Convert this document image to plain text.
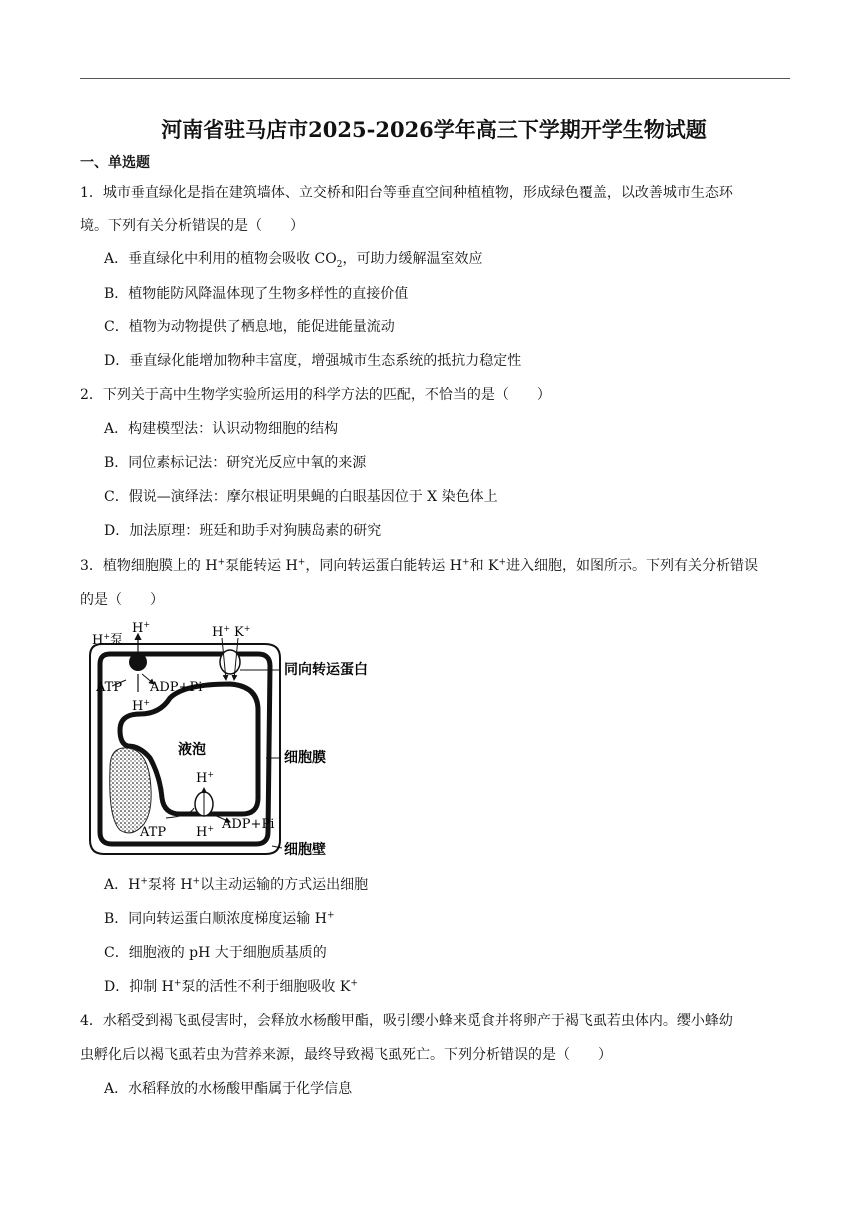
河南省驻马店市2025-2026学年高三下学期开学生物试题
一、单选题
1．城市垂直绿化是指在建筑墙体、立交桥和阳台等垂直空间种植植物，形成绿色覆盖，以改善城市生态环
境。下列有关分析错误的是（　　）
A．垂直绿化中利用的植物会吸收 $CO_2$，可助力缓解温室效应
B．植物能防风降温体现了生物多样性的直接价值
C．植物为动物提供了栖息地，能促进能量流动
D．垂直绿化能增加物种丰富度，增强城市生态系统的抵抗力稳定性
2．下列关于高中生物学实验所运用的科学方法的匹配，不恰当的是（　　）
A．构建模型法：认识动物细胞的结构
B．同位素标记法：研究光反应中氧的来源
C．假说—演绎法：摩尔根证明果蝇的白眼基因位于 X 染色体上
D．加法原理：班廷和助手对狗胰岛素的研究
3．植物细胞膜上的 H+泵能转运 H+，同向转运蛋白能转运 H+和 K+进入细胞，如图所示。下列有关分析错误
的是（　　）
H+泵
H+
ATP ADP+Pi
H+
H+ K+
同向转运蛋白
液泡	细胞膜
H+
ADP+Pi
ATP H+
细胞壁
A．H+泵将 H+以主动运输的方式运出细胞
B．同向转运蛋白顺浓度梯度运输 H+
C．细胞液的 pH 大于细胞质基质的
D．抑制 H+泵的活性不利于细胞吸收 K+
4．水稻受到褐飞虱侵害时，会释放水杨酸甲酯，吸引缨小蜂来觅食并将卵产于褐飞虱若虫体内。缨小蜂幼
虫孵化后以褐飞虱若虫为营养来源，最终导致褐飞虱死亡。下列分析错误的是（　　）
A．水稻释放的水杨酸甲酯属于化学信息
